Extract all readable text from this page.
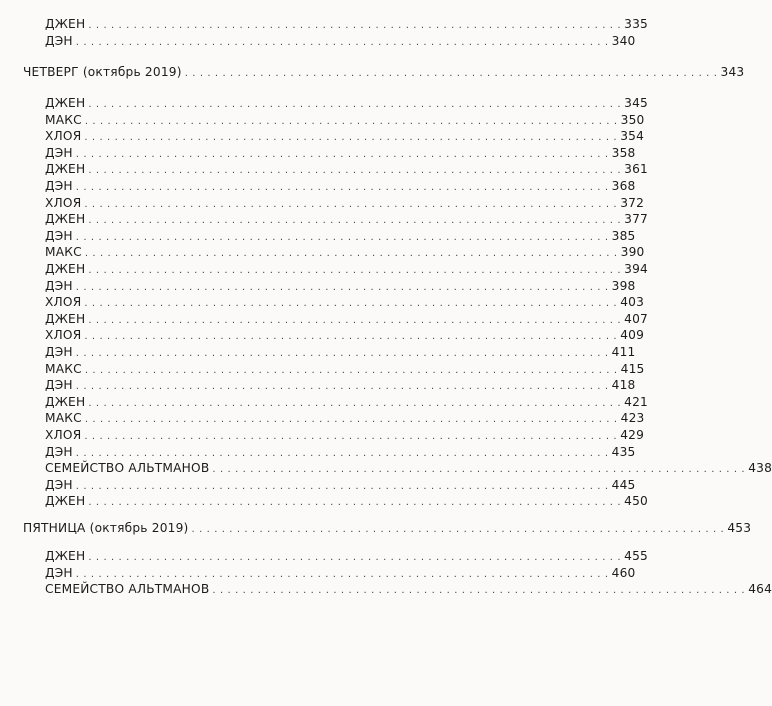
ДЖЕН . . . . . . . . . . . . . . . . . . . . . . . . . . . . . . . . . . . . . . . . . . . . . . . . . . . . . . . . . . . . . . . . . . . . . . . 335
ДЭН . . . . . . . . . . . . . . . . . . . . . . . . . . . . . . . . . . . . . . . . . . . . . . . . . . . . . . . . . . . . . . . . . . . . . . . 340
ЧЕТВЕРГ (октябрь 2019) . . . . . . . . . . . . . . . . . . . . . . . . . . . . . . . . . . . . . . . . . . . . . . . . . . . . . . . . . . . . . . . . . . . . . . . 343
ДЖЕН . . . . . . . . . . . . . . . . . . . . . . . . . . . . . . . . . . . . . . . . . . . . . . . . . . . . . . . . . . . . . . . . . . . . . . . 345
МАКС . . . . . . . . . . . . . . . . . . . . . . . . . . . . . . . . . . . . . . . . . . . . . . . . . . . . . . . . . . . . . . . . . . . . . . . 350
ХЛОЯ . . . . . . . . . . . . . . . . . . . . . . . . . . . . . . . . . . . . . . . . . . . . . . . . . . . . . . . . . . . . . . . . . . . . . . . 354
ДЭН . . . . . . . . . . . . . . . . . . . . . . . . . . . . . . . . . . . . . . . . . . . . . . . . . . . . . . . . . . . . . . . . . . . . . . . 358
ДЖЕН . . . . . . . . . . . . . . . . . . . . . . . . . . . . . . . . . . . . . . . . . . . . . . . . . . . . . . . . . . . . . . . . . . . . . . . 361
ДЭН . . . . . . . . . . . . . . . . . . . . . . . . . . . . . . . . . . . . . . . . . . . . . . . . . . . . . . . . . . . . . . . . . . . . . . . 368
ХЛОЯ . . . . . . . . . . . . . . . . . . . . . . . . . . . . . . . . . . . . . . . . . . . . . . . . . . . . . . . . . . . . . . . . . . . . . . . 372
ДЖЕН . . . . . . . . . . . . . . . . . . . . . . . . . . . . . . . . . . . . . . . . . . . . . . . . . . . . . . . . . . . . . . . . . . . . . . . 377
ДЭН . . . . . . . . . . . . . . . . . . . . . . . . . . . . . . . . . . . . . . . . . . . . . . . . . . . . . . . . . . . . . . . . . . . . . . . 385
МАКС . . . . . . . . . . . . . . . . . . . . . . . . . . . . . . . . . . . . . . . . . . . . . . . . . . . . . . . . . . . . . . . . . . . . . . . 390
ДЖЕН . . . . . . . . . . . . . . . . . . . . . . . . . . . . . . . . . . . . . . . . . . . . . . . . . . . . . . . . . . . . . . . . . . . . . . . 394
ДЭН . . . . . . . . . . . . . . . . . . . . . . . . . . . . . . . . . . . . . . . . . . . . . . . . . . . . . . . . . . . . . . . . . . . . . . . 398
ХЛОЯ . . . . . . . . . . . . . . . . . . . . . . . . . . . . . . . . . . . . . . . . . . . . . . . . . . . . . . . . . . . . . . . . . . . . . . . 403
ДЖЕН . . . . . . . . . . . . . . . . . . . . . . . . . . . . . . . . . . . . . . . . . . . . . . . . . . . . . . . . . . . . . . . . . . . . . . . 407
ХЛОЯ . . . . . . . . . . . . . . . . . . . . . . . . . . . . . . . . . . . . . . . . . . . . . . . . . . . . . . . . . . . . . . . . . . . . . . . 409
ДЭН . . . . . . . . . . . . . . . . . . . . . . . . . . . . . . . . . . . . . . . . . . . . . . . . . . . . . . . . . . . . . . . . . . . . . . . 411
МАКС . . . . . . . . . . . . . . . . . . . . . . . . . . . . . . . . . . . . . . . . . . . . . . . . . . . . . . . . . . . . . . . . . . . . . . . 415
ДЭН . . . . . . . . . . . . . . . . . . . . . . . . . . . . . . . . . . . . . . . . . . . . . . . . . . . . . . . . . . . . . . . . . . . . . . . 418
ДЖЕН . . . . . . . . . . . . . . . . . . . . . . . . . . . . . . . . . . . . . . . . . . . . . . . . . . . . . . . . . . . . . . . . . . . . . . . 421
МАКС . . . . . . . . . . . . . . . . . . . . . . . . . . . . . . . . . . . . . . . . . . . . . . . . . . . . . . . . . . . . . . . . . . . . . . . 423
ХЛОЯ . . . . . . . . . . . . . . . . . . . . . . . . . . . . . . . . . . . . . . . . . . . . . . . . . . . . . . . . . . . . . . . . . . . . . . . 429
ДЭН . . . . . . . . . . . . . . . . . . . . . . . . . . . . . . . . . . . . . . . . . . . . . . . . . . . . . . . . . . . . . . . . . . . . . . . 435
СЕМЕЙСТВО АЛЬТМАНОВ . . . . . . . . . . . . . . . . . . . . . . . . . . . . . . . . . . . . . . . . . . . . . . . . . . . . . . . . . . . . . . . . . . . . . . . 438
ДЭН . . . . . . . . . . . . . . . . . . . . . . . . . . . . . . . . . . . . . . . . . . . . . . . . . . . . . . . . . . . . . . . . . . . . . . . 445
ДЖЕН . . . . . . . . . . . . . . . . . . . . . . . . . . . . . . . . . . . . . . . . . . . . . . . . . . . . . . . . . . . . . . . . . . . . . . . 450
ПЯТНИЦА (октябрь 2019) . . . . . . . . . . . . . . . . . . . . . . . . . . . . . . . . . . . . . . . . . . . . . . . . . . . . . . . . . . . . . . . . . . . . . . . 453
ДЖЕН . . . . . . . . . . . . . . . . . . . . . . . . . . . . . . . . . . . . . . . . . . . . . . . . . . . . . . . . . . . . . . . . . . . . . . . 455
ДЭН . . . . . . . . . . . . . . . . . . . . . . . . . . . . . . . . . . . . . . . . . . . . . . . . . . . . . . . . . . . . . . . . . . . . . . . 460
СЕМЕЙСТВО АЛЬТМАНОВ . . . . . . . . . . . . . . . . . . . . . . . . . . . . . . . . . . . . . . . . . . . . . . . . . . . . . . . . . . . . . . . . . . . . . . . 464
